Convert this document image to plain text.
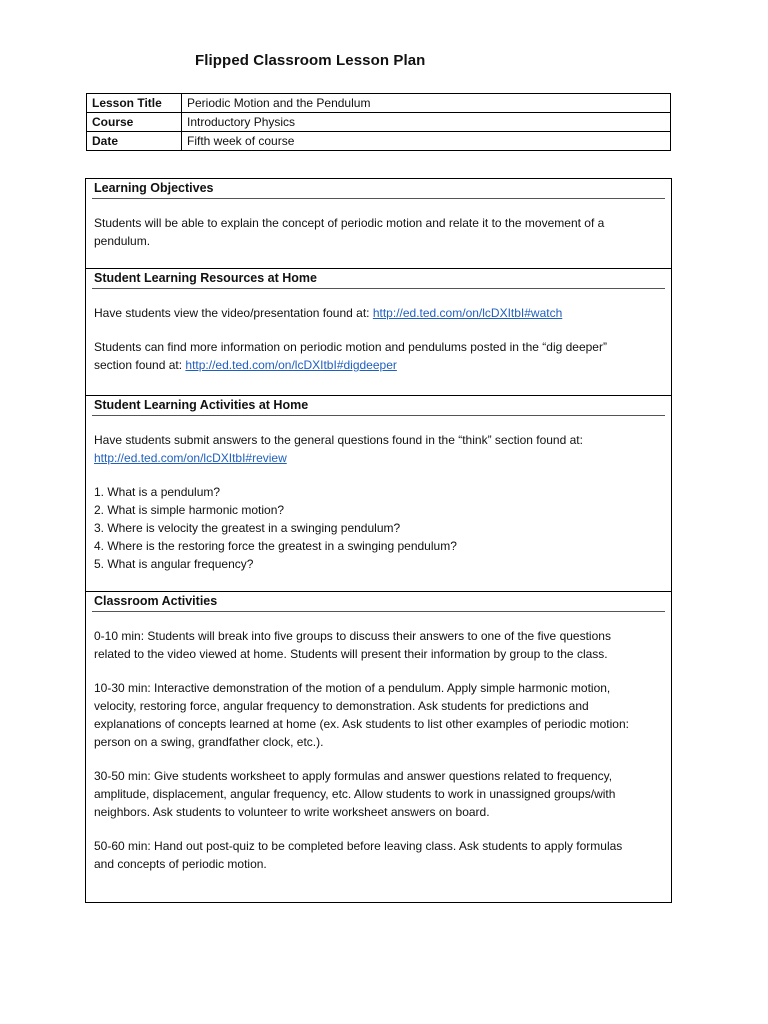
Flipped Classroom Lesson Plan
Lesson Title	Periodic Motion and the Pendulum
Course	Introductory Physics
Date	Fifth week of course
Learning Objectives
Students will be able to explain the concept of periodic motion and relate it to the movement of a
pendulum.
Student Learning Resources at Home
Have students view the video/presentation found at: http://ed.ted.com/on/lcDXItbI#watch
Students can find more information on periodic motion and pendulums posted in the “dig deeper”
section found at: http://ed.ted.com/on/lcDXItbI#digdeeper
Student Learning Activities at Home
Have students submit answers to the general questions found in the “think” section found at:
http://ed.ted.com/on/lcDXItbI#review
1. What is a pendulum?
2. What is simple harmonic motion?
3. Where is velocity the greatest in a swinging pendulum?
4. Where is the restoring force the greatest in a swinging pendulum?
5. What is angular frequency?
Classroom Activities
0-10 min: Students will break into five groups to discuss their answers to one of the five questions
related to the video viewed at home. Students will present their information by group to the class.
10-30 min: Interactive demonstration of the motion of a pendulum. Apply simple harmonic motion,
velocity, restoring force, angular frequency to demonstration. Ask students for predictions and
explanations of concepts learned at home (ex. Ask students to list other examples of periodic motion:
person on a swing, grandfather clock, etc.).
30-50 min: Give students worksheet to apply formulas and answer questions related to frequency,
amplitude, displacement, angular frequency, etc. Allow students to work in unassigned groups/with
neighbors. Ask students to volunteer to write worksheet answers on board.
50-60 min: Hand out post-quiz to be completed before leaving class. Ask students to apply formulas
and concepts of periodic motion.
